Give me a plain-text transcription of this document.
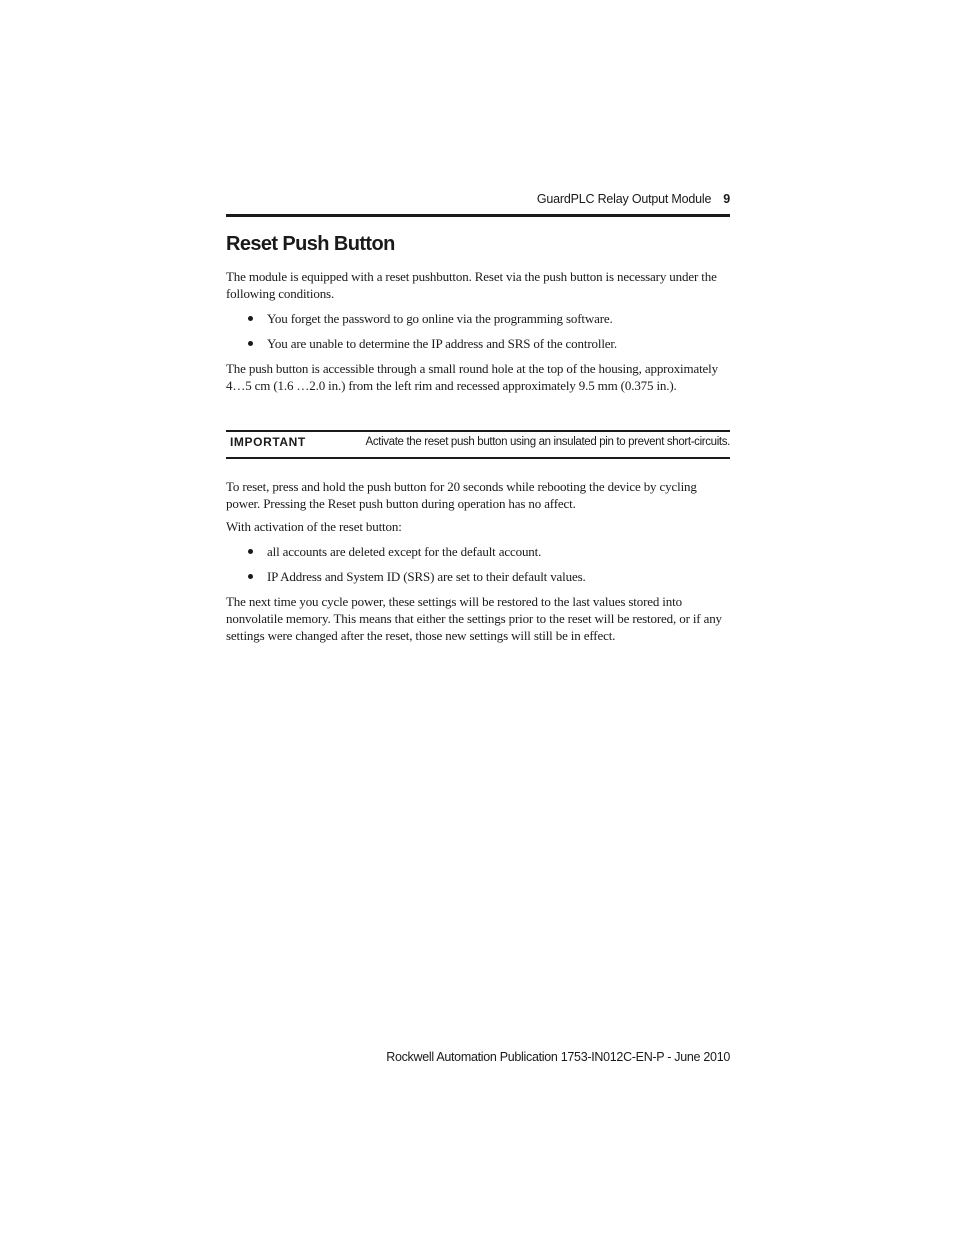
GuardPLC Relay Output Module 9
Reset Push Button

The module is equipped with a reset pushbutton. Reset via the push button is necessary under the following conditions.

You forget the password to go online via the programming software.
You are unable to determine the IP address and SRS of the controller.

The push button is accessible through a small round hole at the top of the housing, approximately 4…5 cm (1.6 …2.0 in.) from the left rim and recessed approximately 9.5 mm (0.375 in.).

IMPORTANT	Activate the reset push button using an insulated pin to prevent short-circuits.

To reset, press and hold the push button for 20 seconds while rebooting the device by cycling power. Pressing the Reset push button during operation has no affect.

With activation of the reset button:

all accounts are deleted except for the default account.
IP Address and System ID (SRS) are set to their default values.

The next time you cycle power, these settings will be restored to the last values stored into nonvolatile memory. This means that either the settings prior to the reset will be restored, or if any settings were changed after the reset, those new settings will still be in effect.

Rockwell Automation Publication 1753-IN012C-EN-P - June 2010
